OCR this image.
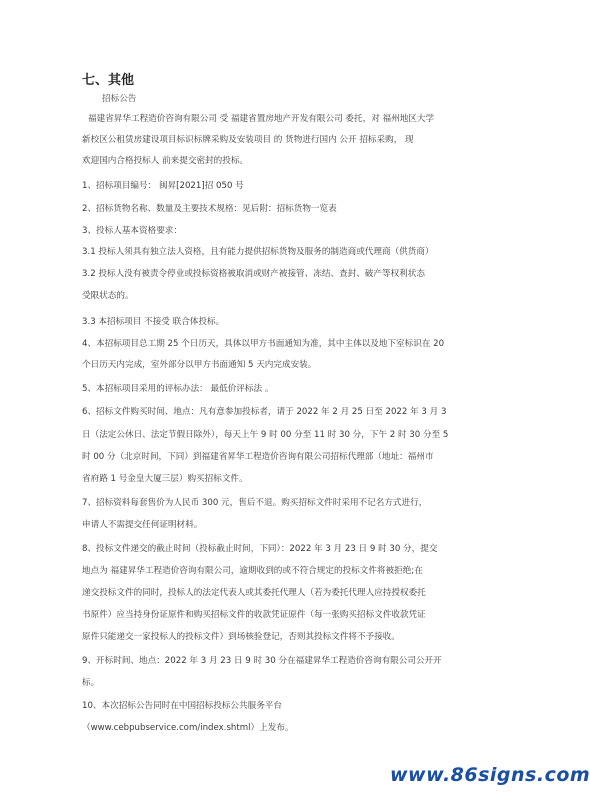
七、其他
招标公告
福建省昇华工程造价咨询有限公司 受 福建省置房地产开发有限公司 委托，对 福州地区大学
新校区公租赁房建设项目标识标牌采购及安装项目 的 货物进行国内 公开 招标采购， 现
欢迎国内合格投标人 前来提交密封的投标。
1、招标项目编号： 闽昇[2021]招 050 号
2、招标货物名称、数量及主要技术规格：见后附：招标货物一览表
3、投标人基本资格要求：
3.1 投标人须具有独立法人资格，且有能力提供招标货物及服务的制造商或代理商（供货商）
3.2 投标人没有被责令停业或投标资格被取消或财产被接管、冻结、查封、破产等权利状态
受限状态的。
3.3 本招标项目 不接受 联合体投标。
4、本招标项目总工期 25 个日历天，具体以甲方书面通知为准，其中主体以及地下室标识在 20
个日历天内完成，室外部分以甲方书面通知 5 天内完成安装。
5、本招标项目采用的评标办法： 最低价评标法 。
6、招标文件购买时间、地点：凡有意参加投标者，请于 2022 年 2 月 25 日至 2022 年 3 月 3
日（法定公休日、法定节假日除外），每天上午 9 时 00 分至 11 时 30 分，下午 2 时 30 分至 5
时 00 分（北京时间，下同）到福建省昇华工程造价咨询有限公司招标代理部（地址：福州市
省府路 1 号金皇大厦三层）购买招标文件。
7、招标资料每套售价为人民币 300 元，售后不退。购买招标文件时采用不记名方式进行，
申请人不需提交任何证明材料。
8、投标文件递交的截止时间（投标截止时间，下同）：2022 年 3 月 23 日 9 时 30 分，提交
地点为 福建昇华工程造价咨询有限公司，逾期收到的或不符合规定的投标文件将被拒绝;在
递交投标文件的同时，投标人的法定代表人或其委托代理人（若为委托代理人应持授权委托
书原件）应当持身份证原件和购买招标文件的收款凭证原件（每一张购买招标文件收款凭证
原件只能递交一家投标人的投标文件）到场核验登记，否则其投标文件将不予接收。
9、开标时间、地点：2022 年 3 月 23 日 9 时 30 分在福建昇华工程造价咨询有限公司公开开
标。
10、本次招标公告同时在中国招标投标公共服务平台
（www.cebpubservice.com/index.shtml）上发布。
www.86signs.com
